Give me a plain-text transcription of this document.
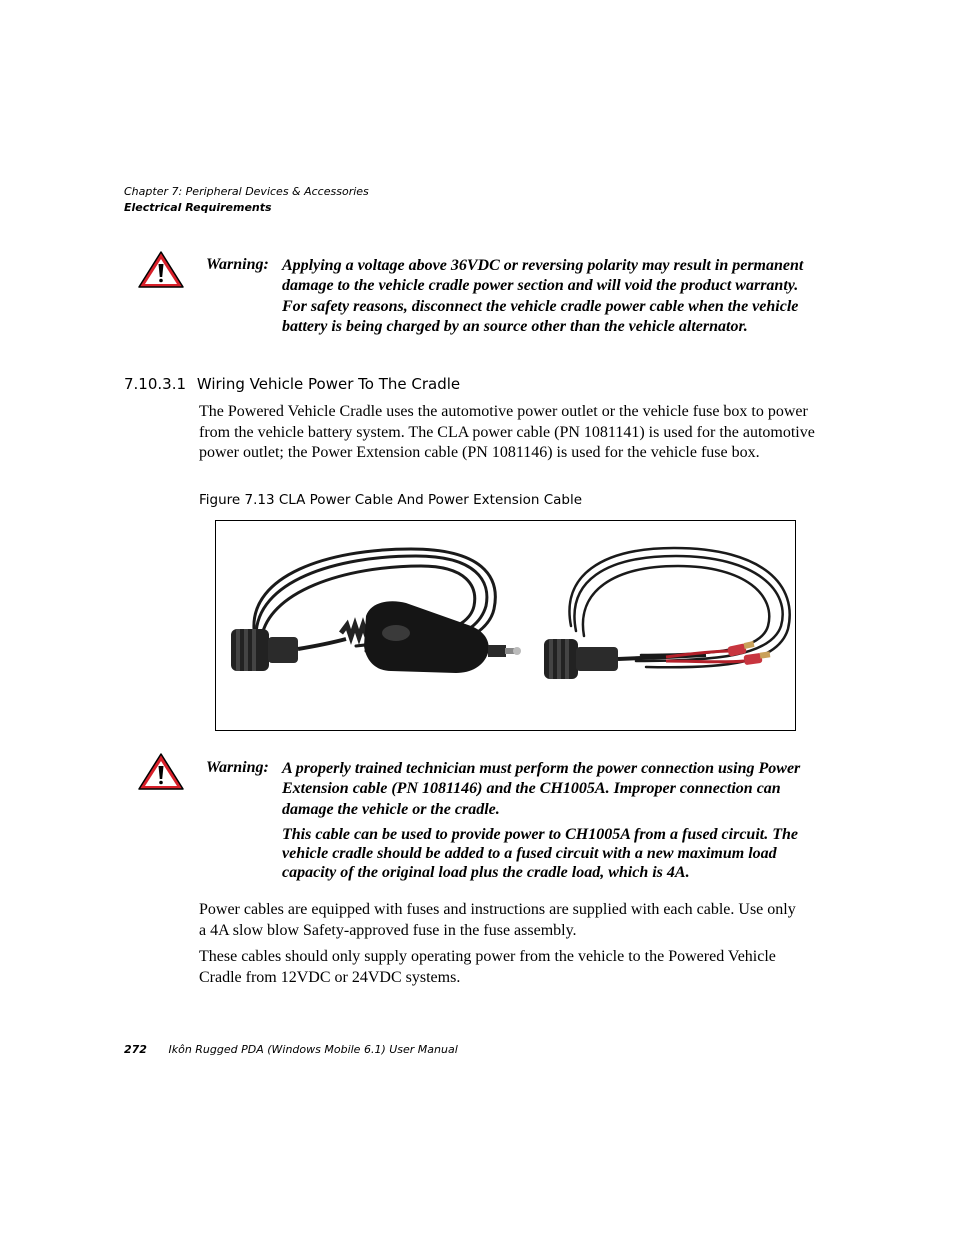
Chapter 7: Peripheral Devices & Accessories
Electrical Requirements
Warning: Applying a voltage above 36VDC or reversing polarity may result in permanent damage to the vehicle cradle power section and will void the product warranty. For safety reasons, disconnect the vehicle cradle power cable when the vehicle battery is being charged by an source other than the vehicle alternator.
7.10.3.1 Wiring Vehicle Power To The Cradle
The Powered Vehicle Cradle uses the automotive power outlet or the vehicle fuse box to power from the vehicle battery system. The CLA power cable (PN 1081141) is used for the automotive power outlet; the Power Extension cable (PN 1081146) is used for the vehicle fuse box.
Figure 7.13 CLA Power Cable And Power Extension Cable
Warning: A properly trained technician must perform the power connection using Power Extension cable (PN 1081146) and the CH1005A. Improper connection can damage the vehicle or the cradle.
This cable can be used to provide power to CH1005A from a fused circuit. The vehicle cradle should be added to a fused circuit with a new maximum load capacity of the original load plus the cradle load, which is 4A.
Power cables are equipped with fuses and instructions are supplied with each cable. Use only a 4A slow blow Safety-approved fuse in the fuse assembly.
These cables should only supply operating power from the vehicle to the Powered Vehicle Cradle from 12VDC or 24VDC systems.
272 Ikôn Rugged PDA (Windows Mobile 6.1) User Manual
